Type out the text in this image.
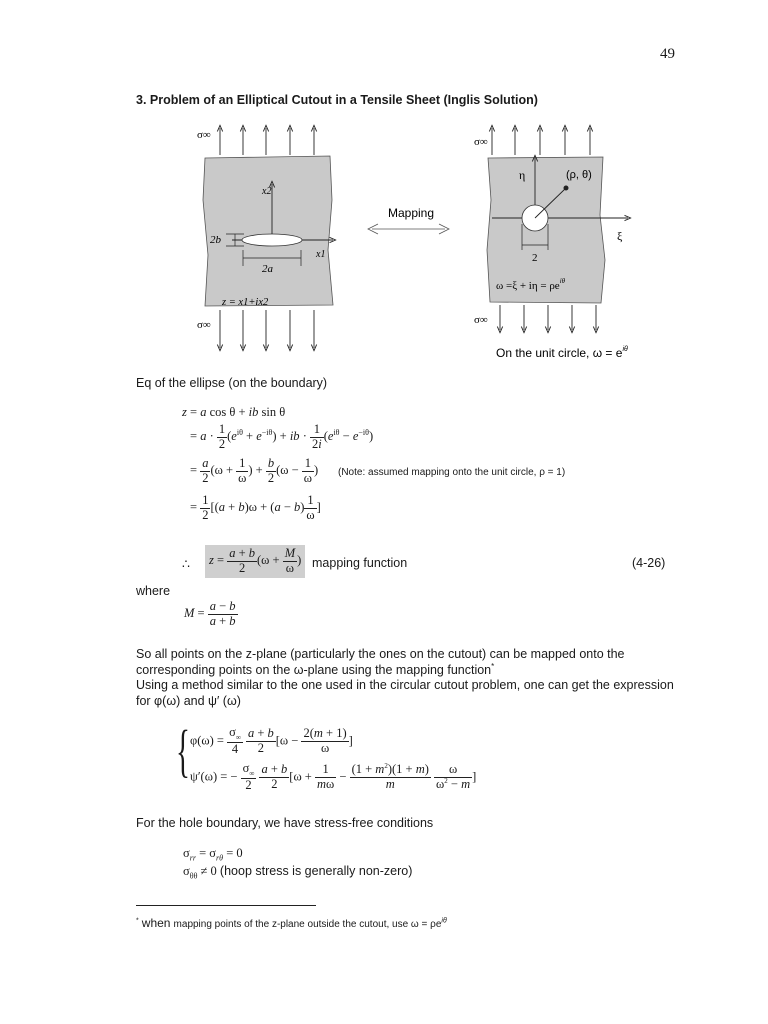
49
3. Problem of an Elliptical Cutout in a Tensile Sheet (Inglis Solution)
σ∞
σ∞
x2
x1
2b
2a
z = x1+ix2
Mapping
σ∞
σ∞
η	(ρ, θ)
ξ
2
$\omega =\xi + i\eta = \rho e^{i\theta}$
On the unit circle, $\omega = e^{i\theta}$
Eq of the ellipse (on the boundary)
z = a cos θ + ib sin θ
= $a \cdot \frac{1}{2} (e^{i\theta} + e^{-i\theta})$ + ib · $\frac{1}{2i} (e^{i\theta} - e^{-i\theta})$
= $\frac{a}{2} (\omega + \frac{1}{\omega}$ ) + $\frac{b}{2} (\omega - \frac{1}{\omega}$ ) (Note: assumed mapping onto the unit circle, ρ = 1)
= $\frac{1}{2} [(a + b)\omega + (a - b) \frac{1}{\omega}$ ]
∴	$z = \frac{a + b}{2} (\omega + \frac{M}{\omega}$ ) mapping function	(4-26)
where
$M = \frac{a - b}{a + b}$
So all points on the z-plane (particularly the ones on the cutout) can be mapped onto the
corresponding points on the ω-plane using the mapping function*
Using a method similar to the one used in the circular cutout problem, one can get the expression
for φ(ω) and ψ′ (ω)
{ $\varphi(\omega) = \frac{\sigma_\infty}{4}$
$\frac{a + b}{2} [\omega - \frac{2(m + 1)}{\omega}$ ]
ψ′(ω) = − $\frac{\sigma_\infty}{2}$
$\frac{a + b}{2} [\omega + \frac{1}{m\omega} - \frac{(1 + m^2)(1 + m)}{m}$
$\frac{\omega}{\omega^2 - m}$ ]
For the hole boundary, we have stress-free conditions
$\sigma_{rr} = \sigma_{r\theta} = 0$
$\sigma_{\theta\theta} \ne 0$ (hoop stress is generally non-zero)
* when mapping points of the z-plane outside the cutout, use $\omega = \rho e^{i\theta}$
